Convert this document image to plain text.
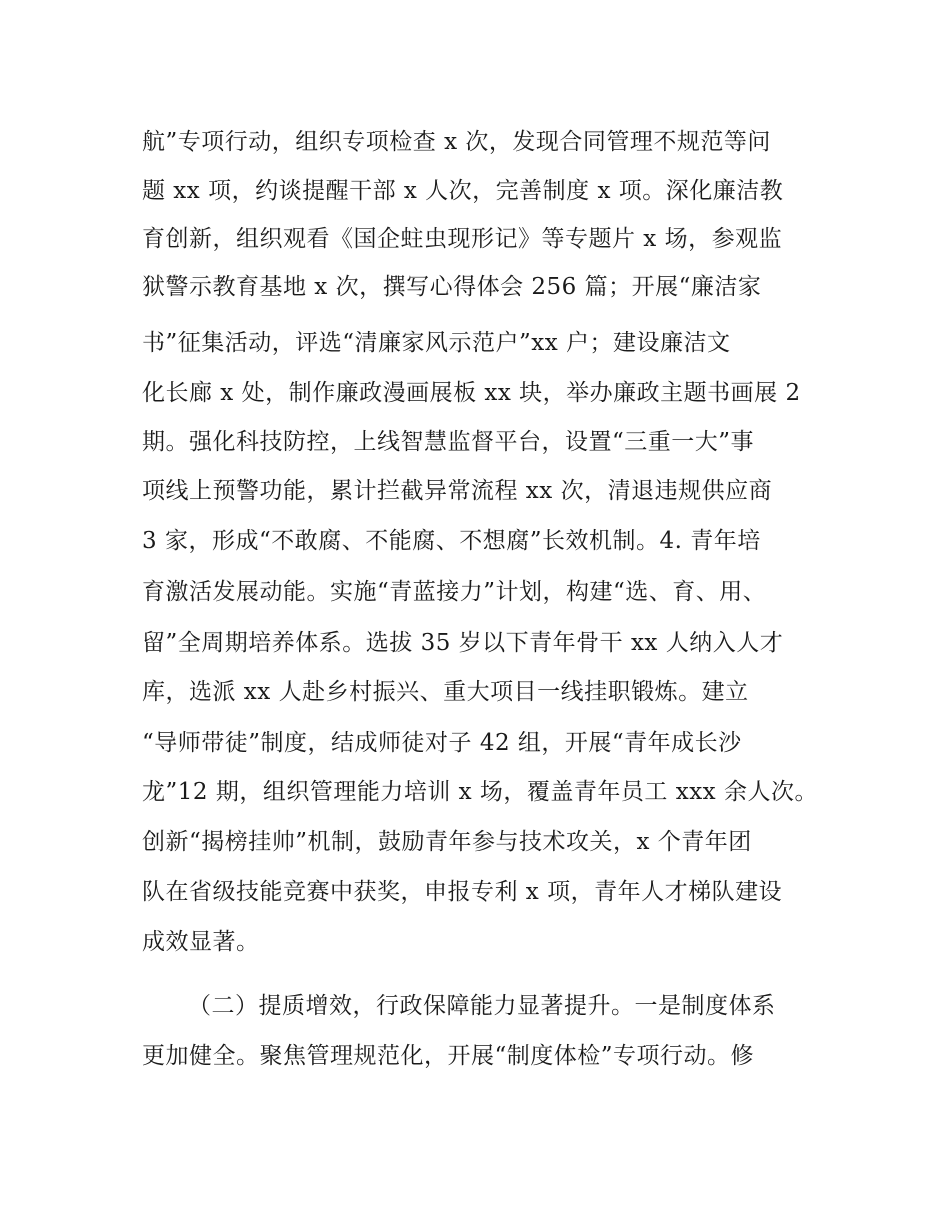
航”专项行动，组织专项检查 x 次，发现合同管理不规范等问
题 xx 项，约谈提醒干部 x 人次，完善制度 x 项。深化廉洁教
育创新，组织观看《国企蛀虫现形记》等专题片 x 场，参观监
狱警示教育基地 x 次，撰写心得体会 256 篇；开展“廉洁家
书”征集活动，评选“清廉家风示范户”xx 户；建设廉洁文
化长廊 x 处，制作廉政漫画展板 xx 块，举办廉政主题书画展 2
期。强化科技防控，上线智慧监督平台，设置“三重一大”事
项线上预警功能，累计拦截异常流程 xx 次，清退违规供应商
3 家，形成“不敢腐、不能腐、不想腐”长效机制。4. 青年培
育激活发展动能。实施“青蓝接力”计划，构建“选、育、用、
留”全周期培养体系。选拔 35 岁以下青年骨干 xx 人纳入人才
库，选派 xx 人赴乡村振兴、重大项目一线挂职锻炼。建立
“导师带徒”制度，结成师徒对子 42 组，开展“青年成长沙
龙”12 期，组织管理能力培训 x 场，覆盖青年员工 xxx 余人次。
创新“揭榜挂帅”机制，鼓励青年参与技术攻关，x 个青年团
队在省级技能竞赛中获奖，申报专利 x 项，青年人才梯队建设
成效显著。
（二）提质增效，行政保障能力显著提升。一是制度体系
更加健全。聚焦管理规范化，开展“制度体检”专项行动。修
